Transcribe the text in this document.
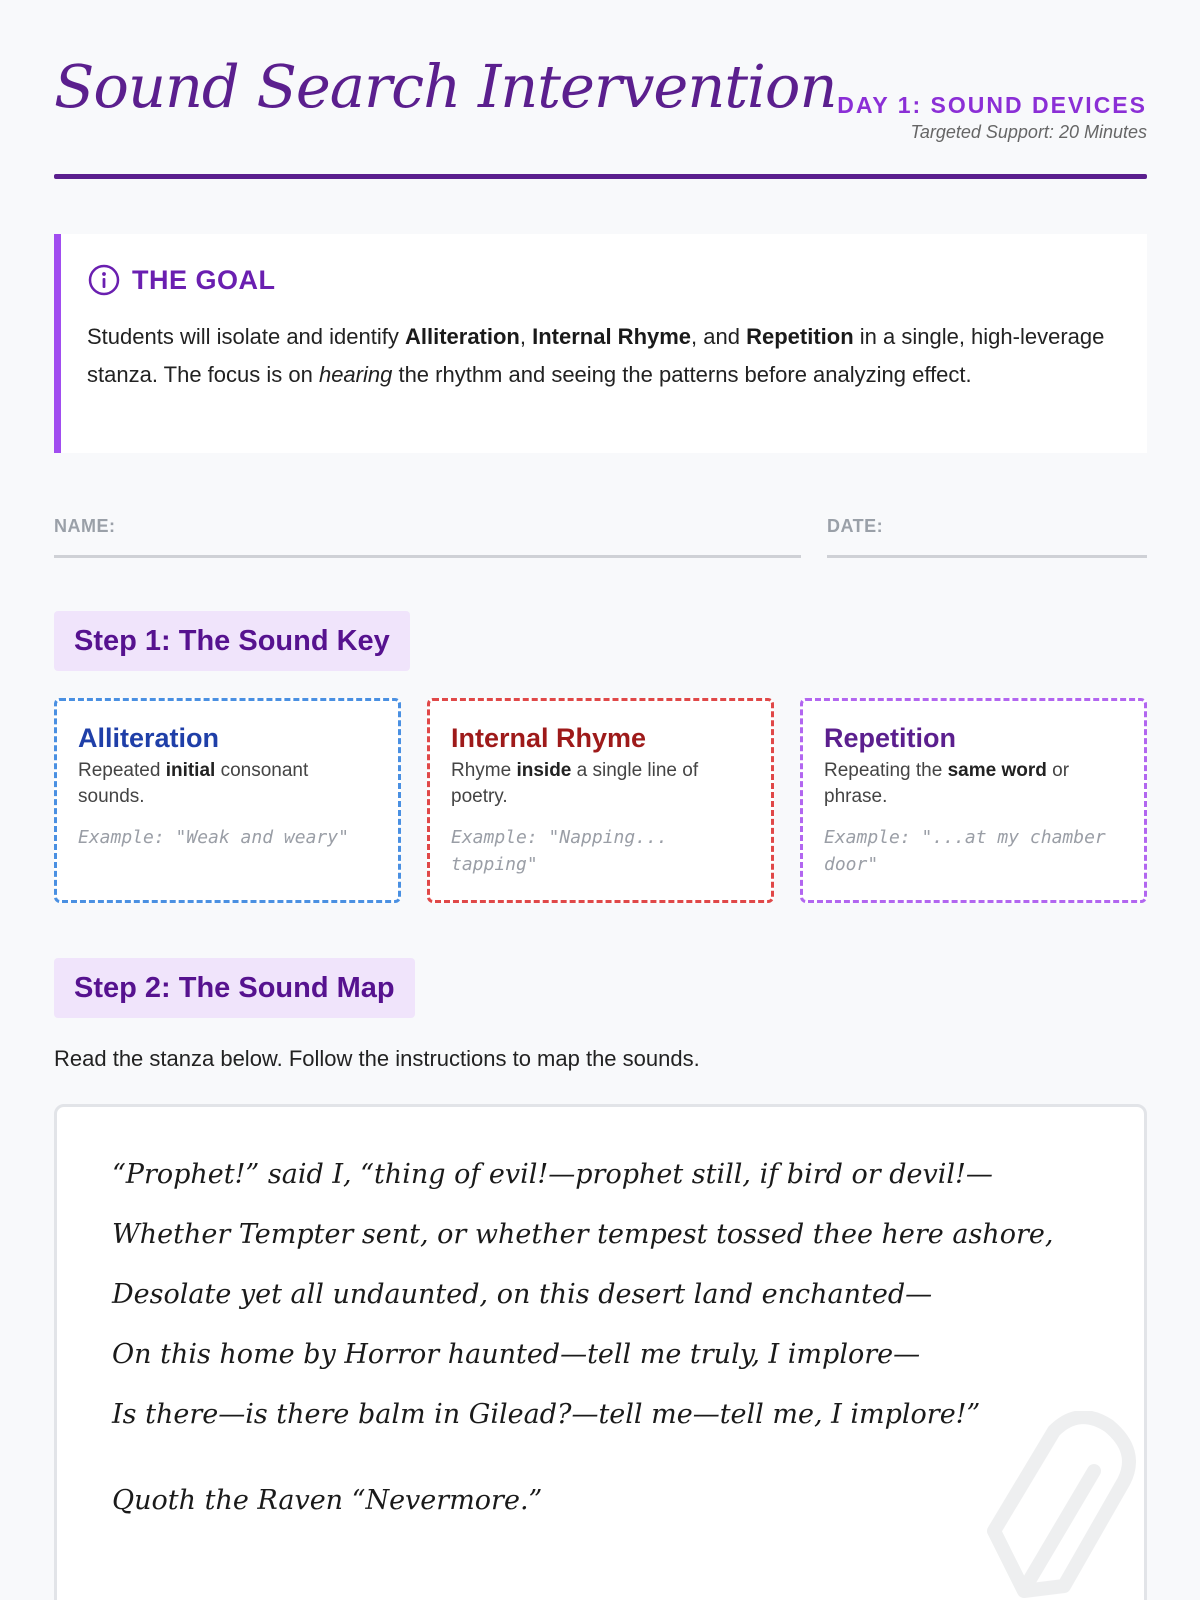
Sound Search Intervention DAY 1: SOUND DEVICES
Targeted Support: 20 Minutes
THE GOAL
Students will isolate and identify Alliteration, Internal Rhyme, and Repetition in a single, high-leverage stanza. The focus is on hearing the rhythm and seeing the patterns before analyzing effect.
NAME:	DATE:
Step 1: The Sound Key
Alliteration
Repeated initial consonant sounds.
Example: "Weak and weary"
Internal Rhyme
Rhyme inside a single line of poetry.
Example: "Napping... tapping"
Repetition
Repeating the same word or phrase.
Example: "...at my chamber door"
Step 2: The Sound Map
Read the stanza below. Follow the instructions to map the sounds.
“Prophet!” said I, “thing of evil!—prophet still, if bird or devil!—
Whether Tempter sent, or whether tempest tossed thee here ashore,
Desolate yet all undaunted, on this desert land enchanted—
On this home by Horror haunted—tell me truly, I implore—
Is there—is there balm in Gilead?—tell me—tell me, I implore!”
Quoth the Raven “Nevermore.”
